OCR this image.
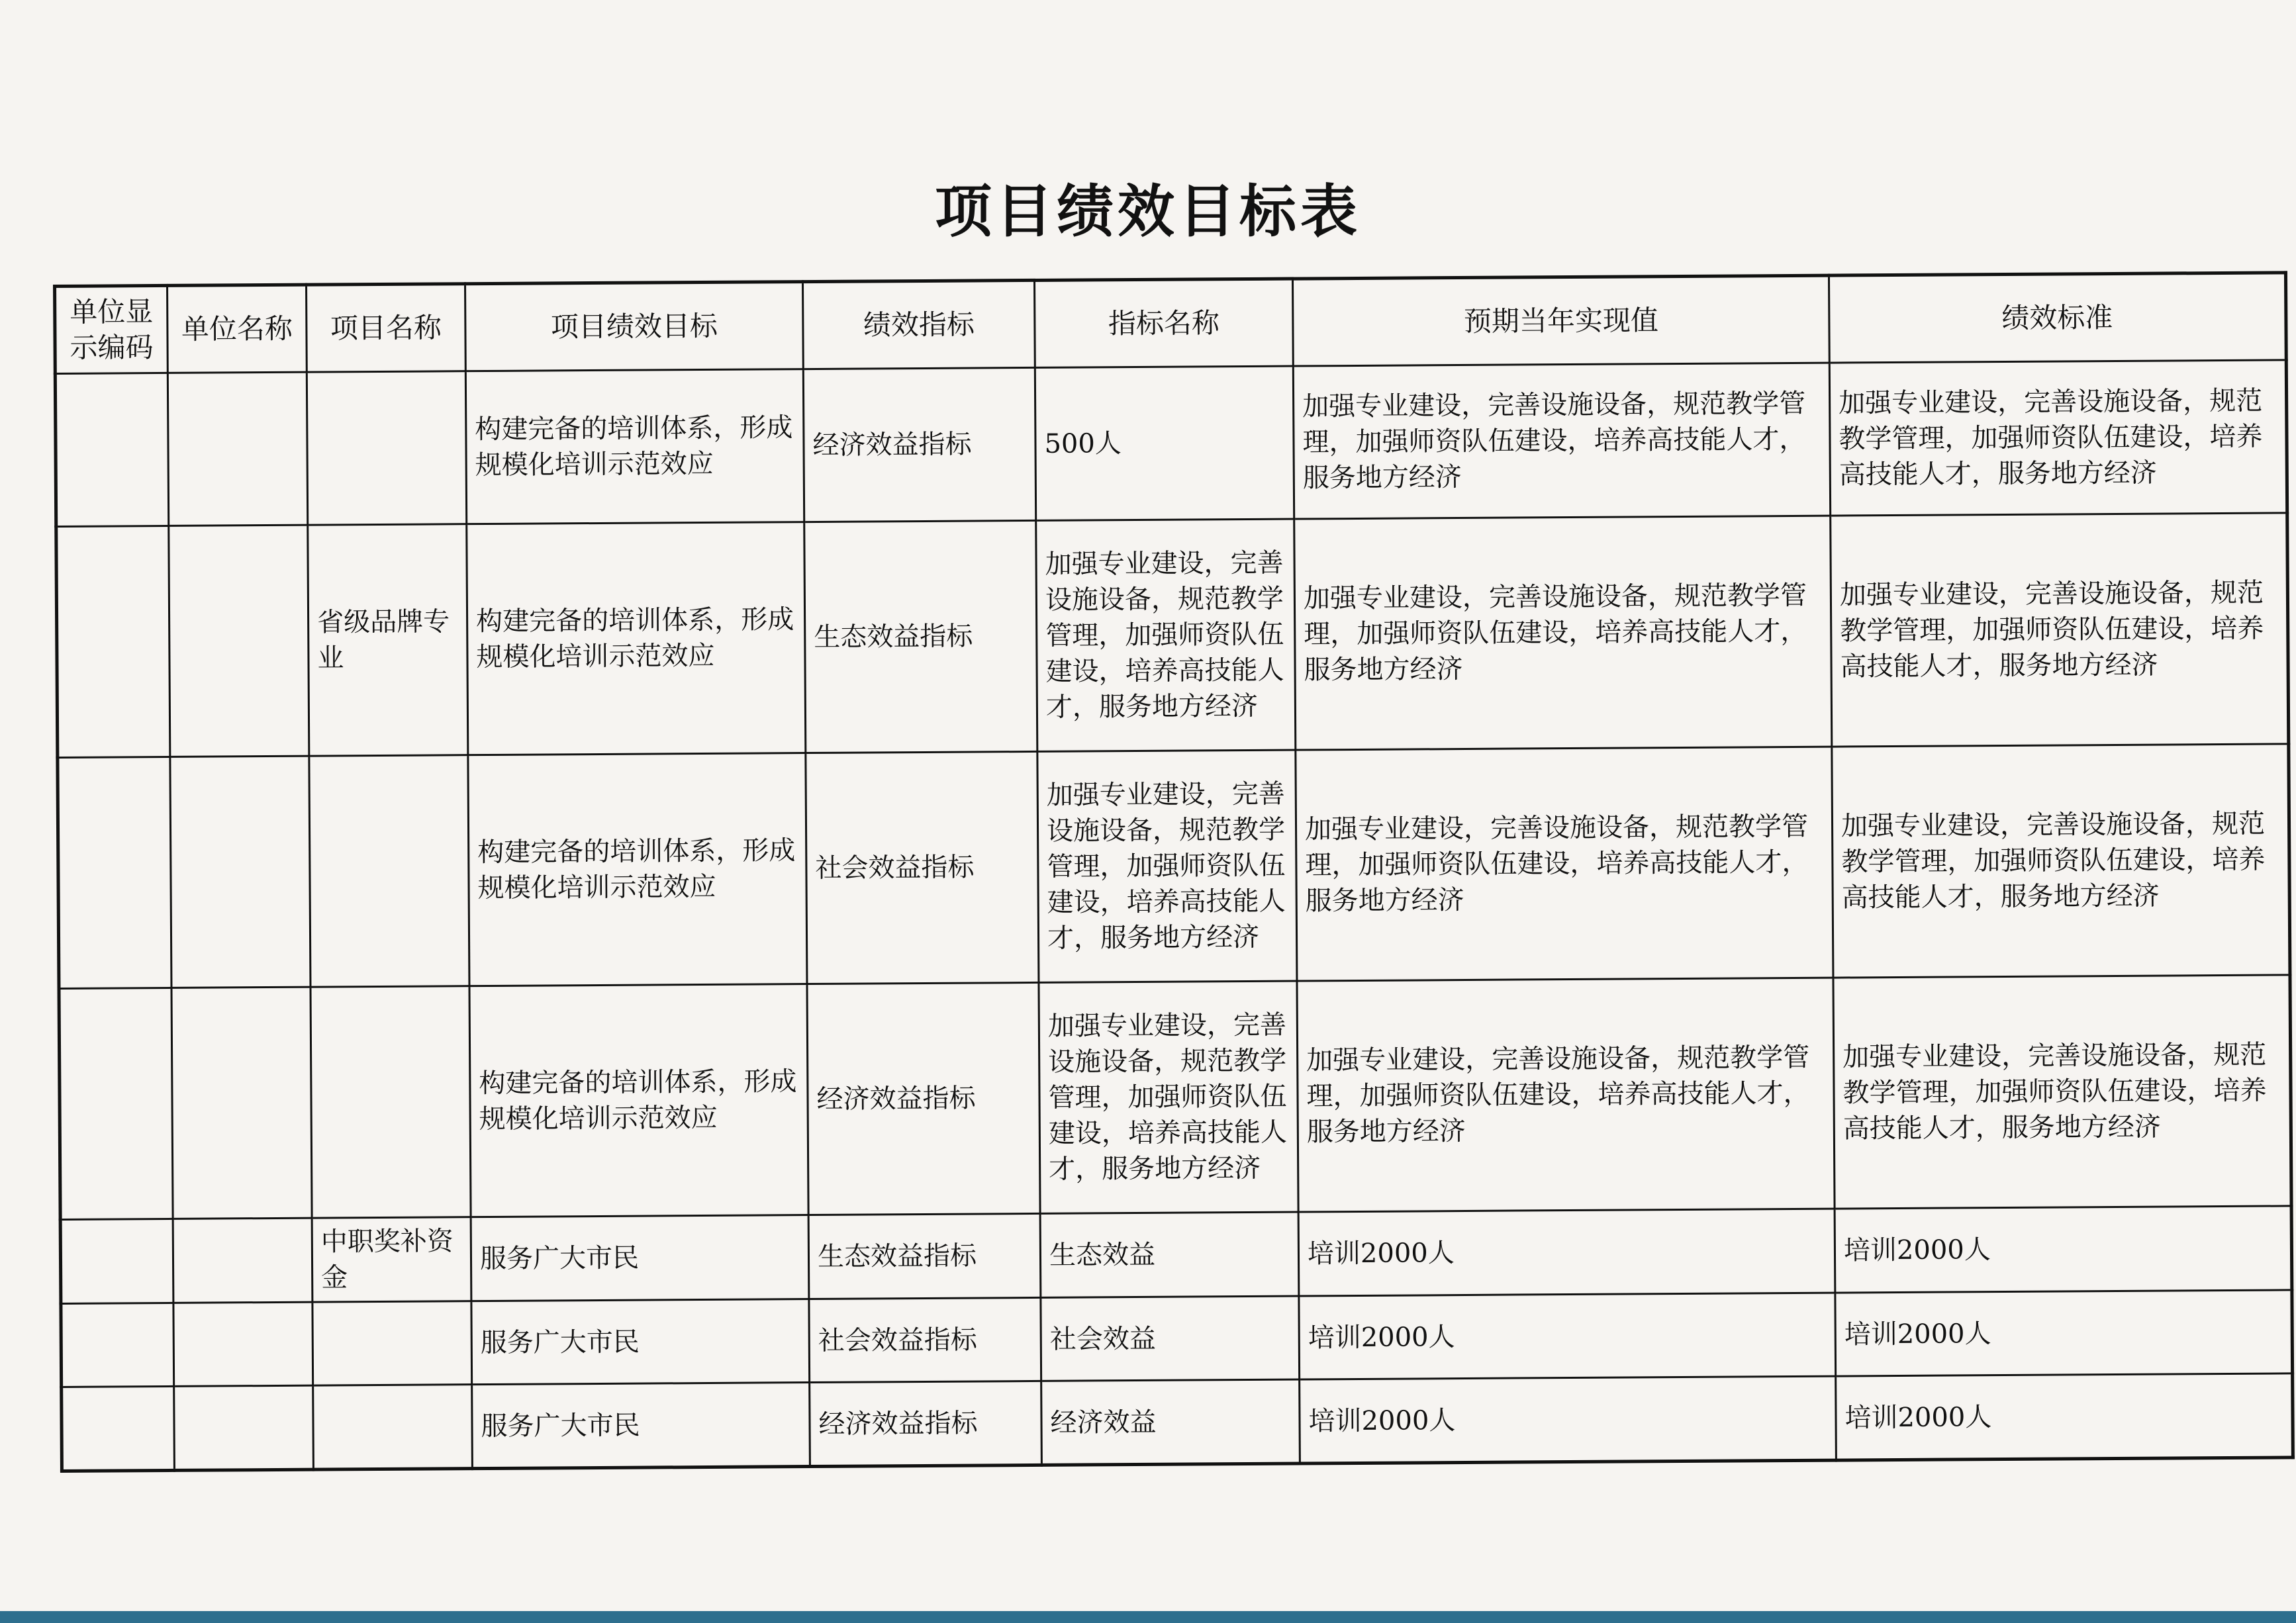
项目绩效目标表
单位显示编码	单位名称	项目名称	项目绩效目标	绩效指标	指标名称	预期当年实现值	绩效标准
			构建完备的培训体系，形成规模化培训示范效应	经济效益指标	500人	加强专业建设，完善设施设备，规范教学管理，加强师资队伍建设，培养高技能人才，服务地方经济	加强专业建设，完善设施设备，规范教学管理，加强师资队伍建设，培养高技能人才，服务地方经济
		省级品牌专业	构建完备的培训体系，形成规模化培训示范效应	生态效益指标	加强专业建设，完善设施设备，规范教学管理，加强师资队伍建设，培养高技能人才，服务地方经济	加强专业建设，完善设施设备，规范教学管理，加强师资队伍建设，培养高技能人才，服务地方经济	加强专业建设，完善设施设备，规范教学管理，加强师资队伍建设，培养高技能人才，服务地方经济
			构建完备的培训体系，形成规模化培训示范效应	社会效益指标	加强专业建设，完善设施设备，规范教学管理，加强师资队伍建设，培养高技能人才，服务地方经济	加强专业建设，完善设施设备，规范教学管理，加强师资队伍建设，培养高技能人才，服务地方经济	加强专业建设，完善设施设备，规范教学管理，加强师资队伍建设，培养高技能人才，服务地方经济
			构建完备的培训体系，形成规模化培训示范效应	经济效益指标	加强专业建设，完善设施设备，规范教学管理，加强师资队伍建设，培养高技能人才，服务地方经济	加强专业建设，完善设施设备，规范教学管理，加强师资队伍建设，培养高技能人才，服务地方经济	加强专业建设，完善设施设备，规范教学管理，加强师资队伍建设，培养高技能人才，服务地方经济
		中职奖补资金	服务广大市民	生态效益指标	生态效益	培训2000人	培训2000人
			服务广大市民	社会效益指标	社会效益	培训2000人	培训2000人
			服务广大市民	经济效益指标	经济效益	培训2000人	培训2000人
